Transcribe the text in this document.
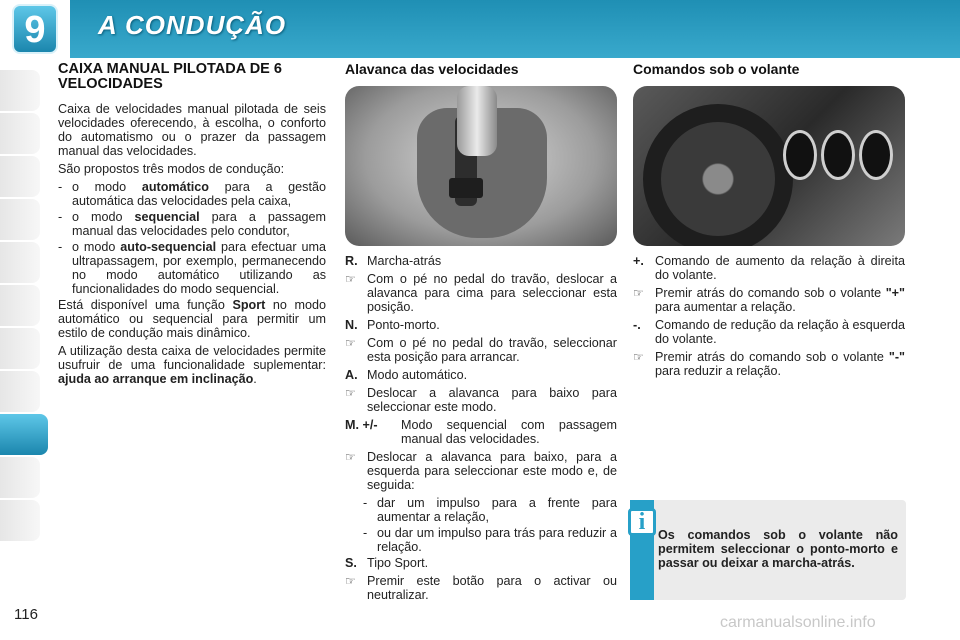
9	A CONDUÇÃO
CAIXA MANUAL PILOTADA DE 6 VELOCIDADES

Caixa de velocidades manual pilotada de seis velocidades oferecendo, à escolha, o conforto do automatismo ou o prazer da passagem manual das velocidades.

São propostos três modos de condução:

- o modo automático para a gestão automática das velocidades pela caixa,
- o modo sequencial para a passagem manual das velocidades pelo condutor,
- o modo auto-sequencial para efectuar uma ultrapassagem, por exemplo, permanecendo no modo automático utilizando as funcionalidades do modo sequencial.

Está disponível uma função Sport no modo automático ou sequencial para permitir um estilo de condução mais dinâmico.

A utilização desta caixa de velocidades permite usufruir de uma funcionalidade suplementar: ajuda ao arranque em inclinação.

Alavanca das velocidades
R. Marcha-atrás
☞ Com o pé no pedal do travão, deslocar a alavanca para cima para seleccionar esta posição.
N. Ponto-morto.
☞ Com o pé no pedal do travão, seleccionar esta posição para arrancar.
A. Modo automático.
☞ Deslocar a alavanca para baixo para seleccionar este modo.
M. +/-	Modo sequencial com passagem manual das velocidades.
☞ Deslocar a alavanca para baixo, para a esquerda para seleccionar este modo e, de seguida:
- dar um impulso para a frente para aumentar a relação,
- ou dar um impulso para trás para reduzir a relação.
S. Tipo Sport.
☞ Premir este botão para o activar ou neutralizar.
Comandos sob o volante
+. Comando de aumento da relação à direita do volante.
☞ Premir atrás do comando sob o volante "+" para aumentar a relação.
-.	Comando de redução da relação à esquerda do volante.
☞ Premir atrás do comando sob o volante "-" para reduzir a relação.
i	Os comandos sob o volante não permitem seleccionar o ponto-morto e passar ou deixar a marcha-atrás.
116	carmanualsonline.info
